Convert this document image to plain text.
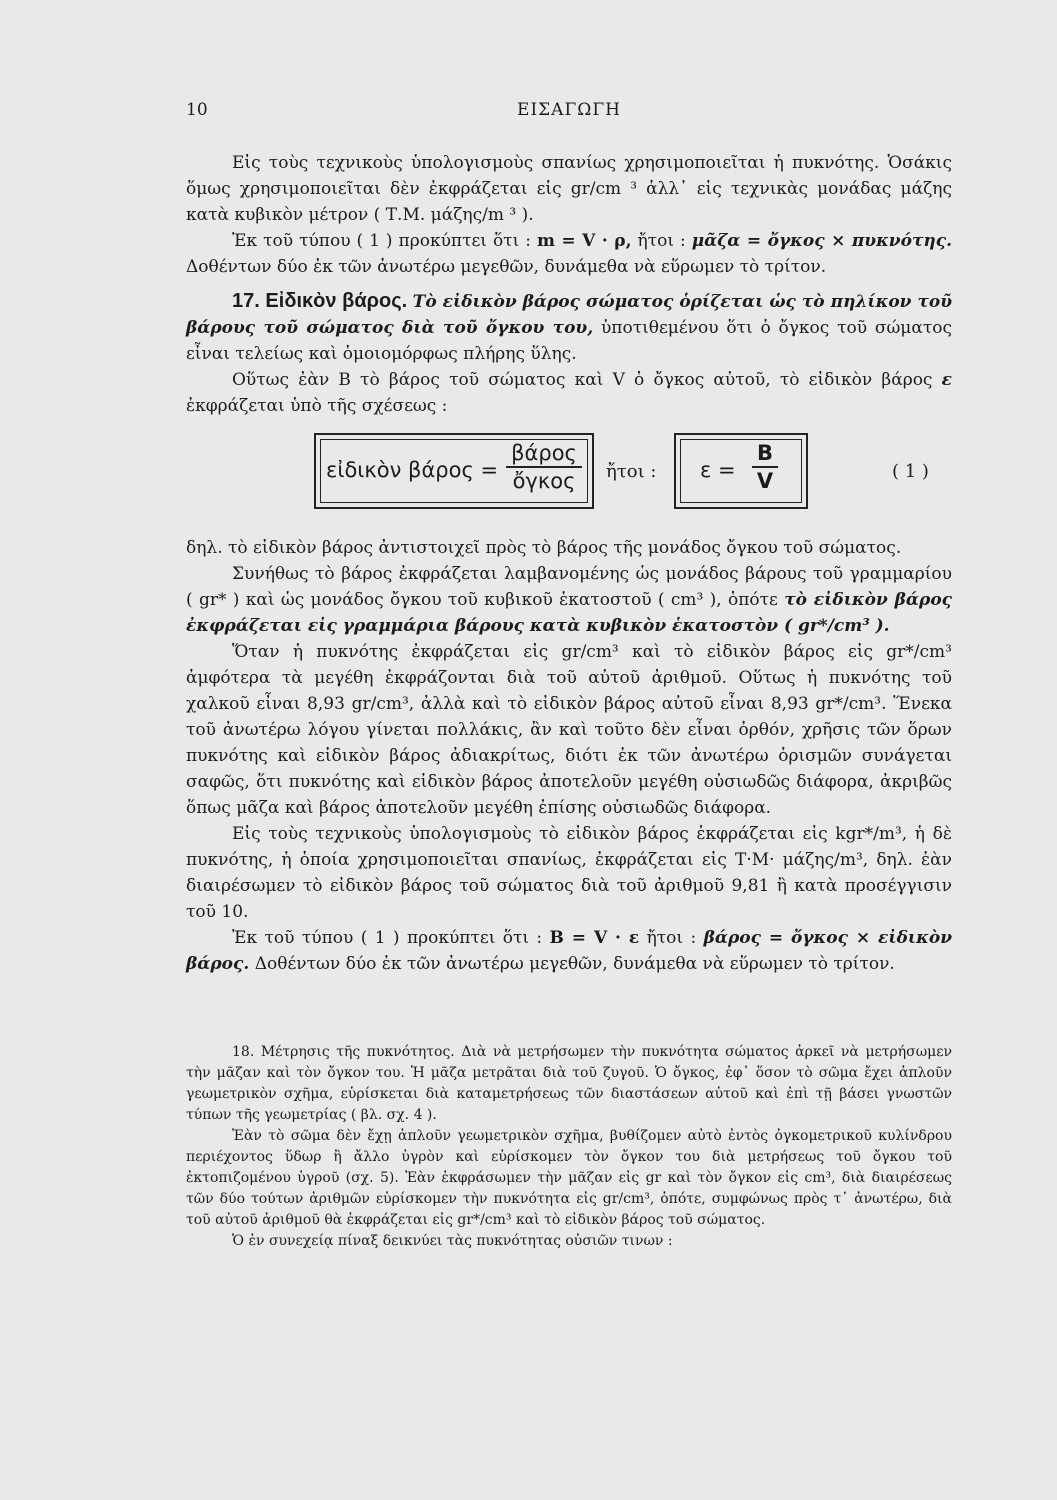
10	ΕΙΣΑΓΩΓΗ

Εἰς τοὺς τεχνικοὺς ὑπολογισμοὺς σπανίως χρησιμοποιεῖται ἡ πυκνότης. Ὁσάκις ὅμως χρησιμοποιεῖται δὲν ἐκφράζεται εἰς gr/cm ³ ἀλλ᾽ εἰς τεχνικὰς μονάδας μάζης κατὰ κυβικὸν μέτρον ( Τ.Μ. μάζης/m ³ ).

Ἐκ τοῦ τύπου ( 1 ) προκύπτει ὅτι : m = V · ρ, ἤτοι : μᾶζα = ὄγκος × πυκνότης. Δοθέντων δύο ἐκ τῶν ἀνωτέρω μεγεθῶν, δυνάμεθα νὰ εὕρωμεν τὸ τρίτον.

17. Εἰδικὸν βάρος. Τὸ εἰδικὸν βάρος σώματος ὁρίζεται ὡς τὸ πηλίκον τοῦ βάρους τοῦ σώματος διὰ τοῦ ὄγκου του, ὑποτιθεμένου ὅτι ὁ ὄγκος τοῦ σώματος εἶναι τελείως καὶ ὁμοιομόρφως πλήρης ὕλης.

Οὕτως ἐὰν B τὸ βάρος τοῦ σώματος καὶ V ὁ ὄγκος αὐτοῦ, τὸ εἰδικὸν βάρος ε ἐκφράζεται ὑπὸ τῆς σχέσεως :

εἰδικὸν βάρος =
βάρος
ὄγκος	ἤτοι : ε =
B
V	( 1 )

δηλ. τὸ εἰδικὸν βάρος ἀντιστοιχεῖ πρὸς τὸ βάρος τῆς μονάδος ὄγκου τοῦ σώματος.

Συνήθως τὸ βάρος ἐκφράζεται λαμβανομένης ὡς μονάδος βάρους τοῦ γραμμαρίου ( gr* ) καὶ ὡς μονάδος ὄγκου τοῦ κυβικοῦ ἑκατοστοῦ ( cm³ ), ὁπότε τὸ εἰδικὸν βάρος ἐκφράζεται εἰς γραμμάρια βάρους κατὰ κυβικὸν ἑκατοστὸν ( gr*/cm³ ).

Ὅταν ἡ πυκνότης ἐκφράζεται εἰς gr/cm³ καὶ τὸ εἰδικὸν βάρος εἰς gr*/cm³ ἀμφότερα τὰ μεγέθη ἐκφράζονται διὰ τοῦ αὐτοῦ ἀριθμοῦ. Οὕτως ἡ πυκνότης τοῦ χαλκοῦ εἶναι 8,93 gr/cm³, ἀλλὰ καὶ τὸ εἰδικὸν βάρος αὐτοῦ εἶναι 8,93 gr*/cm³. Ἕνεκα τοῦ ἀνωτέρω λόγου γίνεται πολλάκις, ἂν καὶ τοῦτο δὲν εἶναι ὀρθόν, χρῆσις τῶν ὅρων πυκνότης καὶ εἰδικὸν βάρος ἀδιακρίτως, διότι ἐκ τῶν ἀνωτέρω ὁρισμῶν συνάγεται σαφῶς, ὅτι πυκνότης καὶ εἰδικὸν βάρος ἀποτελοῦν μεγέθη οὐσιωδῶς διάφορα, ἀκριβῶς ὅπως μᾶζα καὶ βάρος ἀποτελοῦν μεγέθη ἐπίσης οὐσιωδῶς διάφορα.

Εἰς τοὺς τεχνικοὺς ὑπολογισμοὺς τὸ εἰδικὸν βάρος ἐκφράζεται εἰς kgr*/m³, ἡ δὲ πυκνότης, ἡ ὁποία χρησιμοποιεῖται σπανίως, ἐκφράζεται εἰς Τ·Μ· μάζης/m³, δηλ. ἐὰν διαιρέσωμεν τὸ εἰδικὸν βάρος τοῦ σώματος διὰ τοῦ ἀριθμοῦ 9,81 ἢ κατὰ προσέγγισιν τοῦ 10.

Ἐκ τοῦ τύπου ( 1 ) προκύπτει ὅτι : B = V · ε ἤτοι : βάρος = ὄγκος × εἰδικὸν βάρος. Δοθέντων δύο ἐκ τῶν ἀνωτέρω μεγεθῶν, δυνάμεθα νὰ εὕρωμεν τὸ τρίτον.

18. Μέτρησις τῆς πυκνότητος. Διὰ νὰ μετρήσωμεν τὴν πυκνότητα σώματος ἀρκεῖ νὰ μετρήσωμεν τὴν μᾶζαν καὶ τὸν ὄγκον του. Ἡ μᾶζα μετρᾶται διὰ τοῦ ζυγοῦ. Ὁ ὄγκος, ἐφ᾽ ὅσον τὸ σῶμα ἔχει ἁπλοῦν γεωμετρικὸν σχῆμα, εὑρίσκεται διὰ καταμετρήσεως τῶν διαστάσεων αὐτοῦ καὶ ἐπὶ τῇ βάσει γνωστῶν τύπων τῆς γεωμετρίας ( βλ. σχ. 4 ).

Ἐὰν τὸ σῶμα δὲν ἔχῃ ἁπλοῦν γεωμετρικὸν σχῆμα, βυθίζομεν αὐτὸ ἐντὸς ὀγκομετρικοῦ κυλίνδρου περιέχοντος ὕδωρ ἢ ἄλλο ὑγρὸν καὶ εὑρίσκομεν τὸν ὄγκον του διὰ μετρήσεως τοῦ ὄγκου τοῦ ἐκτοπιζομένου ὑγροῦ (σχ. 5). Ἐὰν ἐκφράσωμεν τὴν μᾶζαν εἰς gr καὶ τὸν ὄγκον εἰς cm³, διὰ διαιρέσεως τῶν δύο τούτων ἀριθμῶν εὑρίσκομεν τὴν πυκνότητα εἰς gr/cm³, ὁπότε, συμφώνως πρὸς τ᾽ ἀνωτέρω, διὰ τοῦ αὐτοῦ ἀριθμοῦ θὰ ἐκφράζεται εἰς gr*/cm³ καὶ τὸ εἰδικὸν βάρος τοῦ σώματος.

Ὁ ἐν συνεχείᾳ πίναξ δεικνύει τὰς πυκνότητας οὐσιῶν τινων :
